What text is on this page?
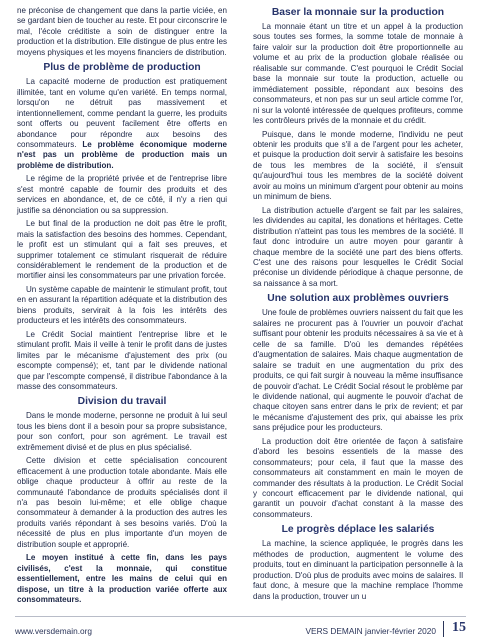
ne préconise de changement que dans la partie viciée, en se gardant bien de toucher au reste. Et pour circonscrire le mal, l'école créditiste a soin de distinguer entre la production et la distribution. Elle distingue de plus entre les moyens physiques et les moyens financiers de distribution.

Plus de problème de production

La capacité moderne de production est pratiquement illimitée, tant en volume qu'en variété. En temps normal, lorsqu'on ne détruit pas massivement et intentionnellement, comme pendant la guerre, les produits sont offerts ou peuvent facilement être offerts en abondance pour répondre aux besoins des consommateurs. Le problème économique moderne n'est pas un problème de production mais un problème de distribution.

Le régime de la propriété privée et de l'entreprise libre s'est montré capable de fournir des produits et des services en abondance, et, de ce côté, il n'y a rien qui justifie sa dénonciation ou sa suppression.

Le but final de la production ne doit pas être le profit, mais la satisfaction des besoins des hommes. Cependant, le profit est un stimulant qui a fait ses preuves, et supprimer totalement ce stimulant risquerait de réduire considérablement le rendement de la production et de mortifier ainsi les consommateurs par une privation forcée.

Un système capable de maintenir le stimulant profit, tout en en assurant la répartition adéquate et la distribution des biens produits, servirait à la fois les intérêts des producteurs et les intérêts des consommateurs.

Le Crédit Social maintient l'entreprise libre et le stimulant profit. Mais il veille à tenir le profit dans de justes limites par le mécanisme d'ajustement des prix (ou escompte compensé); et, tant par le dividende national que par l'escompte compensé, il distribue l'abondance à la masse des consommateurs.

Division du travail

Dans le monde moderne, personne ne produit à lui seul tous les biens dont il a besoin pour sa propre subsistance, pour son confort, pour son agrément. Le travail est extrêmement divisé et de plus en plus spécialisé.

Cette division et cette spécialisation concourent efficacement à une production totale abondante. Mais elle oblige chaque producteur à offrir au reste de la communauté l'abondance de produits spécialisés dont il n'a pas besoin lui-même; et elle oblige chaque consommateur à demander à la production des autres les produits variés répondant à ses besoins variés. D'où la nécessité de plus en plus importante d'un moyen de distribution souple et approprié.

Le moyen institué à cette fin, dans les pays civilisés, c'est la monnaie, qui constitue essentiellement, entre les mains de celui qui en dispose, un titre à la production variée offerte aux consommateurs.

Baser la monnaie sur la production

La monnaie étant un titre et un appel à la production sous toutes ses formes, la somme totale de monnaie à faire valoir sur la production doit être proportionnelle au volume et au prix de la production globale réalisée ou réalisable sur commande. C'est pourquoi le Crédit Social base la monnaie sur toute la production, actuelle ou immédiatement possible, répondant aux besoins des consommateurs, et non pas sur un seul article comme l'or, ni sur la volonté intéressée de quelques profiteurs, comme les contrôleurs privés de la monnaie et du crédit.

Puisque, dans le monde moderne, l'individu ne peut obtenir les produits que s'il a de l'argent pour les acheter, et puisque la production doit servir à satisfaire les besoins de tous les membres de la société, il s'ensuit qu'aujourd'hui tous les membres de la société doivent avoir au moins un minimum d'argent pour obtenir au moins un minimum de biens.

La distribution actuelle d'argent se fait par les salaires, les dividendes au capital, les donations et héritages. Cette distribution n'atteint pas tous les membres de la société. Il faut donc introduire un autre moyen pour garantir à chaque membre de la société une part des biens offerts. C'est une des raisons pour lesquelles le Crédit Social préconise un dividende périodique à chaque personne, de sa naissance à sa mort.

Une solution aux problèmes ouvriers

Une foule de problèmes ouvriers naissent du fait que les salaires ne procurent pas à l'ouvrier un pouvoir d'achat suffisant pour obtenir les produits nécessaires à sa vie et à celle de sa famille. D'où les demandes répétées d'augmentation de salaires. Mais chaque augmentation de salaire se traduit en une augmentation du prix des produits, ce qui fait surgir à nouveau la même insuffisance de pouvoir d'achat. Le Crédit Social résout le problème par le dividende national, qui augmente le pouvoir d'achat de chaque citoyen sans entrer dans le prix de revient; et par le mécanisme d'ajustement des prix, qui abaisse les prix sans préjudice pour les producteurs.

La production doit être orientée de façon à satisfaire d'abord les besoins essentiels de la masse des consommateurs; pour cela, il faut que la masse des consommateurs ait constamment en main le moyen de commander des résultats à la production. Le Crédit Social y concourt efficacement par le dividende national, qui garantit un pouvoir d'achat constant à la masse des consommateurs.

Le progrès déplace les salariés

La machine, la science appliquée, le progrès dans les méthodes de production, augmentent le volume des produits, tout en diminuant la participation personnelle à la production. D'où plus de produits avec moins de salaires. Il faut donc, à mesure que la machine remplace l'homme dans la production, trouver un u

www.versdemain.org	VERS DEMAIN janvier-février 2020 15
